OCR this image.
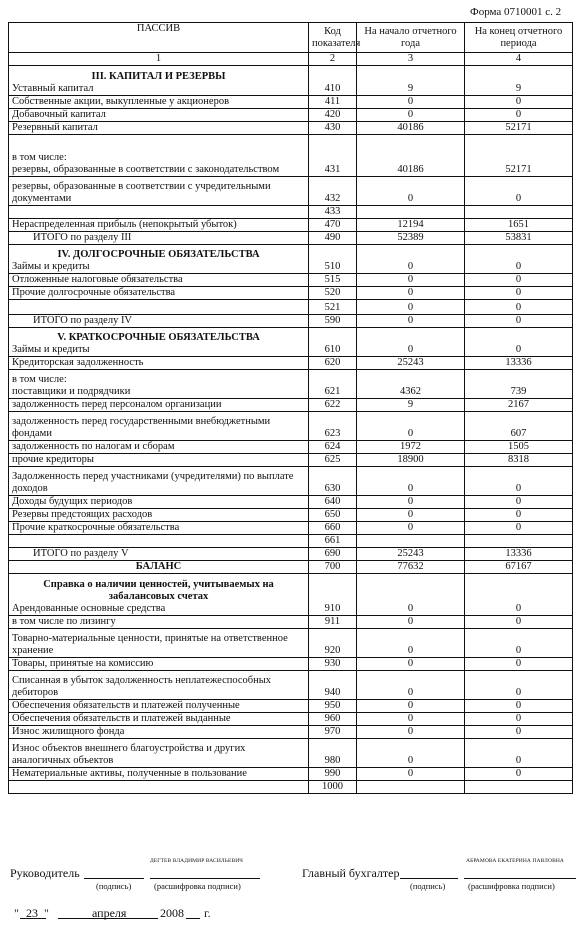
Форма 0710001 с. 2
ПАССИВ	Код показателя	На начало отчетного года	На конец отчетного периода
1	2	3	4

III. КАПИТАЛ И РЕЗЕРВЫ
Уставный капитал	410	9	9
Собственные акции, выкупленные у акционеров	411	0	0
Добавочный капитал	420	0	0
Резервный капитал	430	40186	52171

в том числе:
резервы, образованные в соответствии с законодательством	431	40186	52171
резервы, образованные в соответствии с учредительными документами	432	0	0
	433		
Нераспределенная прибыль (непокрытый убыток)	470	12194	1651
ИТОГО по разделу III	490	52389	53831

IV. ДОЛГОСРОЧНЫЕ ОБЯЗАТЕЛЬСТВА
Займы и кредиты	510	0	0
Отложенные налоговые обязательства	515	0	0
Прочие долгосрочные обязательства	520	0	0
	521	0	0
ИТОГО по разделу IV	590	0	0

V. КРАТКОСРОЧНЫЕ ОБЯЗАТЕЛЬСТВА
Займы и кредиты	610	0	0
Кредиторская задолженность	620	25243	13336

в том числе:
поставщики и подрядчики	621	4362	739
задолженность перед персоналом организации	622	9	2167
задолженность перед государственными внебюджетными фондами	623	0	607
задолженность по налогам и сборам	624	1972	1505
прочие кредиторы	625	18900	8318
Задолженность перед участниками (учредителями) по выплате доходов	630	0	0
Доходы будущих периодов	640	0	0
Резервы предстоящих расходов	650	0	0
Прочие краткосрочные обязательства	660	0	0
	661		
ИТОГО по разделу V	690	25243	13336
БАЛАНС	700	77632	67167

Справка о наличии ценностей, учитываемых на забалансовых счетах
Арендованные основные средства	910	0	0

в том числе по лизингу	911	0	0
Товарно-материальные ценности, принятые на ответственное хранение	920	0	0
Товары, принятые на комиссию	930	0	0
Списанная в убыток задолженность неплатежеспособных дебиторов	940	0	0
Обеспечения обязательств и платежей полученные	950	0	0
Обеспечения обязательств и платежей выданные	960	0	0
Износ жилищного фонда	970	0	0
Износ объектов внешнего благоустройства и других аналогичных объектов	980	0	0
Нематериальные активы, полученные в пользование	990	0	0
	1000		
Руководитель
ДЕГТЕВ ВЛАДИМИР ВАСИЛЬЕВИЧ
(подпись)	(расшифровка подписи)
Главный бухгалтер
АБРАМОВА ЕКАТЕРИНА ПАВЛОВНА
(подпись)	(расшифровка подписи)
" 23 "	апреля	2008 г.
